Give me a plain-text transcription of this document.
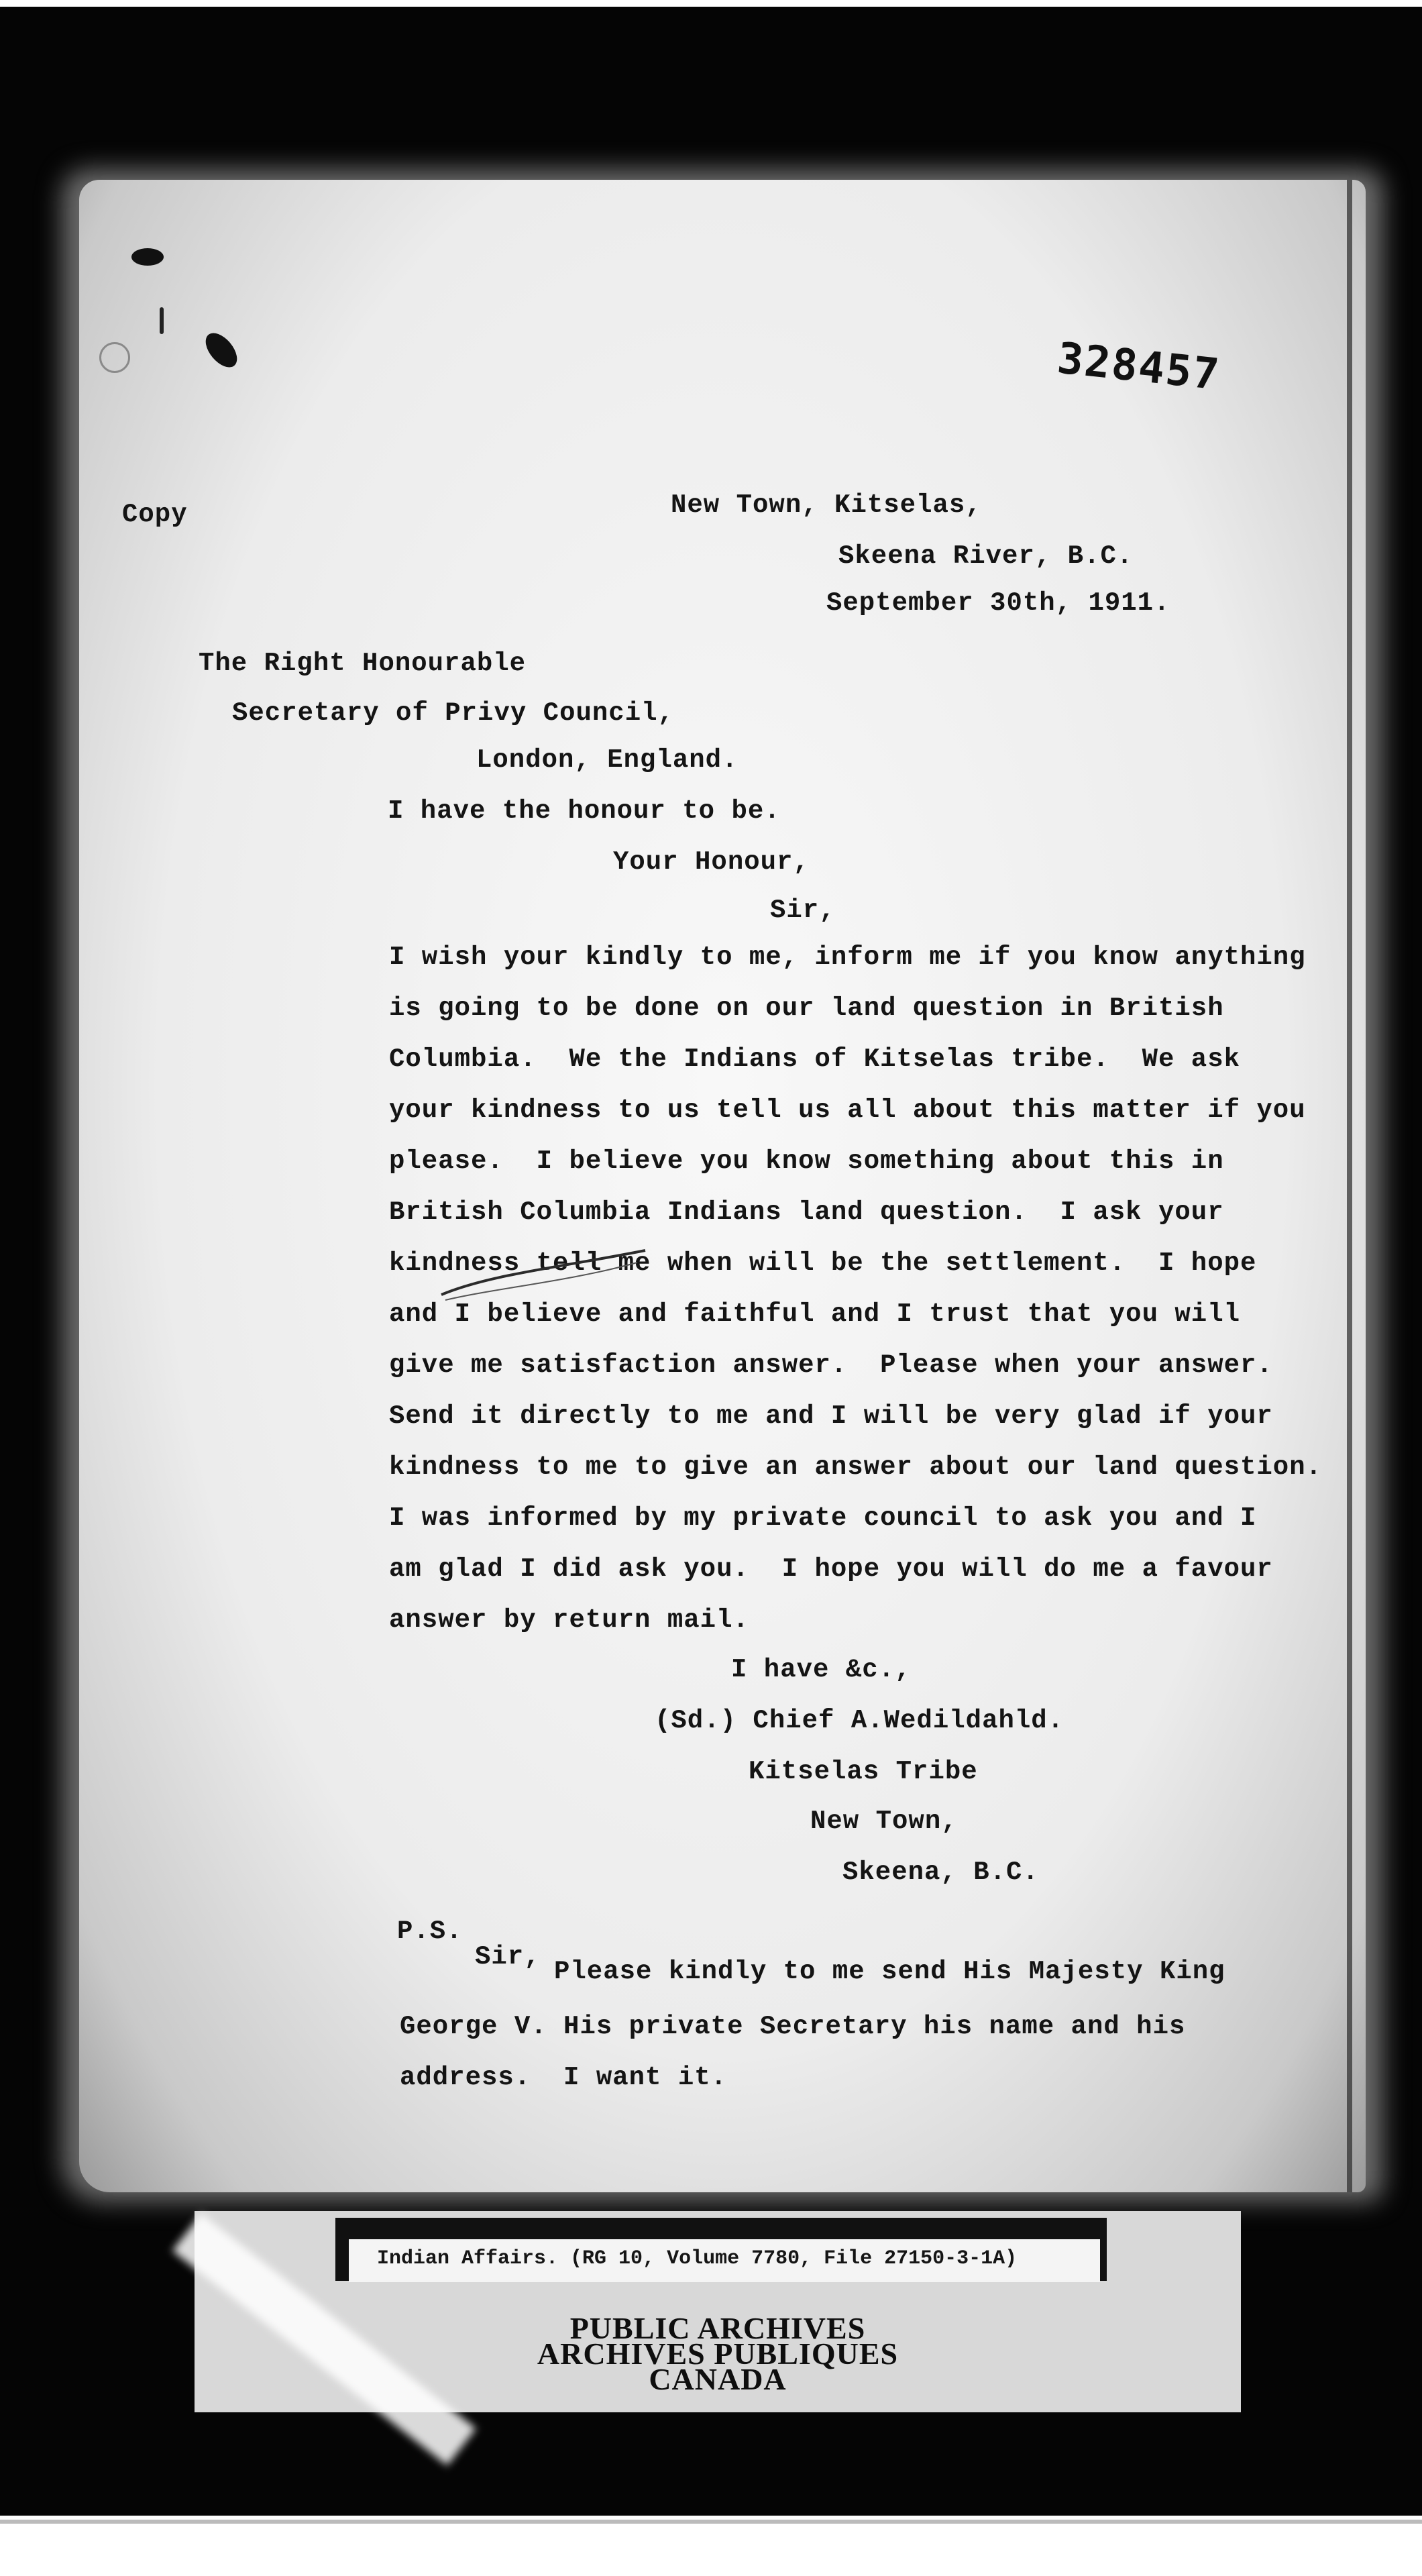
328457
Copy	New Town, Kitselas,
Skeena River, B.C.
September 30th, 1911.
The Right Honourable
Secretary of Privy Council,
London, England.
I have the honour to be.
Your Honour,
Sir,
I wish your kindly to me, inform me if you know anything
is going to be done on our land question in British
Columbia.  We the Indians of Kitselas tribe.  We ask
your kindness to us tell us all about this matter if you
please.  I believe you know something about this in
British Columbia Indians land question.  I ask your
kindness tell me when will be the settlement.  I hope
and I believe and faithful and I trust that you will
give me satisfaction answer.  Please when your answer.
Send it directly to me and I will be very glad if your
kindness to me to give an answer about our land question.
I was informed by my private council to ask you and I
am glad I did ask you.  I hope you will do me a favour
answer by return mail.
I have &c.,
(Sd.) Chief A.Wedildahld.
Kitselas Tribe
New Town,
Skeena, B.C.
P.S.
Sir, Please kindly to me send His Majesty King
George V. His private Secretary his name and his
address.  I want it.
Indian Affairs. (RG 10, Volume 7780, File 27150-3-1A)
PUBLIC ARCHIVES
ARCHIVES PUBLIQUES
CANADA
